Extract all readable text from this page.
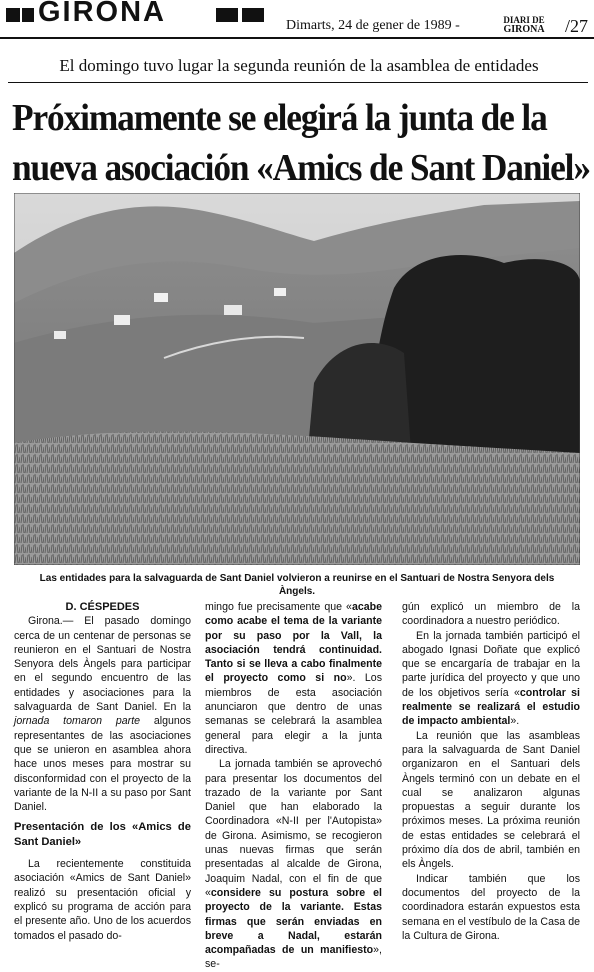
GIRONA	Dimarts, 24 de gener de 1989 -	DIARI DE
GIRONA /27
El domingo tuvo lugar la segunda reunión de la asamblea de entidades
Próximamente se elegirá la junta de la
nueva asociación «Amics de Sant Daniel»
Las entidades para la salvaguarda de Sant Daniel volvieron a reunirse en el Santuari de Nostra Senyora dels
Àngels.

D. CÉSPEDES

Girona.— El pasado domingo cerca de un centenar de personas se reunieron en el Santuari de Nostra Senyora dels Àngels para participar en el segundo encuentro de las entidades y asociaciones para la salvaguarda de Sant Daniel. En la jornada tomaron parte algunos representantes de las asociaciones que se unieron en asamblea ahora hace unos meses para mostrar su disconformidad con el proyecto de la variante de la N-II a su paso por Sant Daniel.

Presentación de los «Amics de Sant Daniel»

La recientemente constituida asociación «Amics de Sant Daniel» realizó su presentación oficial y explicó su programa de acción para el presente año. Uno de los acuerdos tomados el pasado do-

mingo fue precisamente que «acabe como acabe el tema de la variante por su paso por la Vall, la asociación tendrá continuidad. Tanto si se lleva a cabo finalmente el proyecto como si no». Los miembros de esta asociación anunciaron que dentro de unas semanas se celebrará la asamblea general para elegir a la junta directiva.

La jornada también se aprovechó para presentar los documentos del trazado de la variante por Sant Daniel que han elaborado la Coordinadora «N-II per l'Autopista» de Girona. Asimismo, se recogieron unas nuevas firmas que serán presentadas al alcalde de Girona, Joaquim Nadal, con el fin de que «considere su postura sobre el proyecto de la variante. Estas firmas que serán enviadas en breve a Nadal, estarán acompañadas de un manifiesto», se-

gún explicó un miembro de la coordinadora a nuestro periódico.

En la jornada también participó el abogado Ignasi Doñate que explicó que se encargaría de trabajar en la parte jurídica del proyecto y que uno de los objetivos sería «controlar si realmente se realizará el estudio de impacto ambiental».

La reunión que las asambleas para la salvaguarda de Sant Daniel organizaron en el Santuari dels Àngels terminó con un debate en el cual se analizaron algunas propuestas a seguir durante los próximos meses. La próxima reunión de estas entidades se celebrará el próximo día dos de abril, también en els Àngels.

Indicar también que los documentos del proyecto de la coordinadora estarán expuestos esta semana en el vestíbulo de la Casa de la Cultura de Girona.
